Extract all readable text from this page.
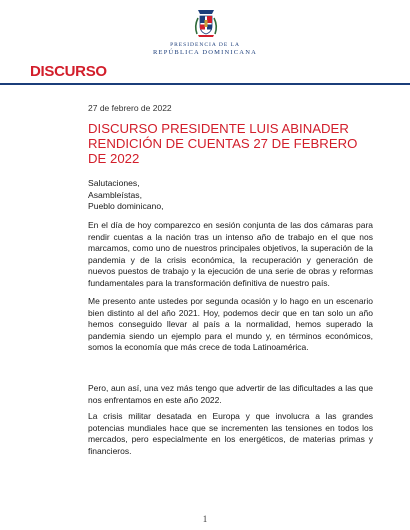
PRESIDENCIA DE LA
REPÚBLICA DOMINICANA
DISCURSO
27 de febrero de 2022
DISCURSO PRESIDENTE LUIS ABINADER RENDICIÓN DE CUENTAS 27 DE FEBRERO DE 2022
Salutaciones,
Asambleístas,
Pueblo dominicano,

En el día de hoy comparezco en sesión conjunta de las dos cámaras para rendir cuentas a la nación tras un intenso año de trabajo en el que nos marcamos, como uno de nuestros principales objetivos, la superación de la pandemia y de la crisis económica, la recuperación y generación de nuevos puestos de trabajo y la ejecución de una serie de obras y reformas fundamentales para la transformación definitiva de nuestro país.

Me presento ante ustedes por segunda ocasión y lo hago en un escenario bien distinto al del año 2021. Hoy, podemos decir que en tan solo un año hemos conseguido llevar al país a la normalidad, hemos superado la pandemia siendo un ejemplo para el mundo y, en términos económicos, somos la economía que más crece de toda Latinoamérica.

Pero, aun así, una vez más tengo que advertir de las dificultades a las que nos enfrentamos en este año 2022.

La crisis militar desatada en Europa y que involucra a las grandes potencias mundiales hace que se incrementen las tensiones en todos los mercados, pero especialmente en los energéticos, de materias primas y financieros.

1
